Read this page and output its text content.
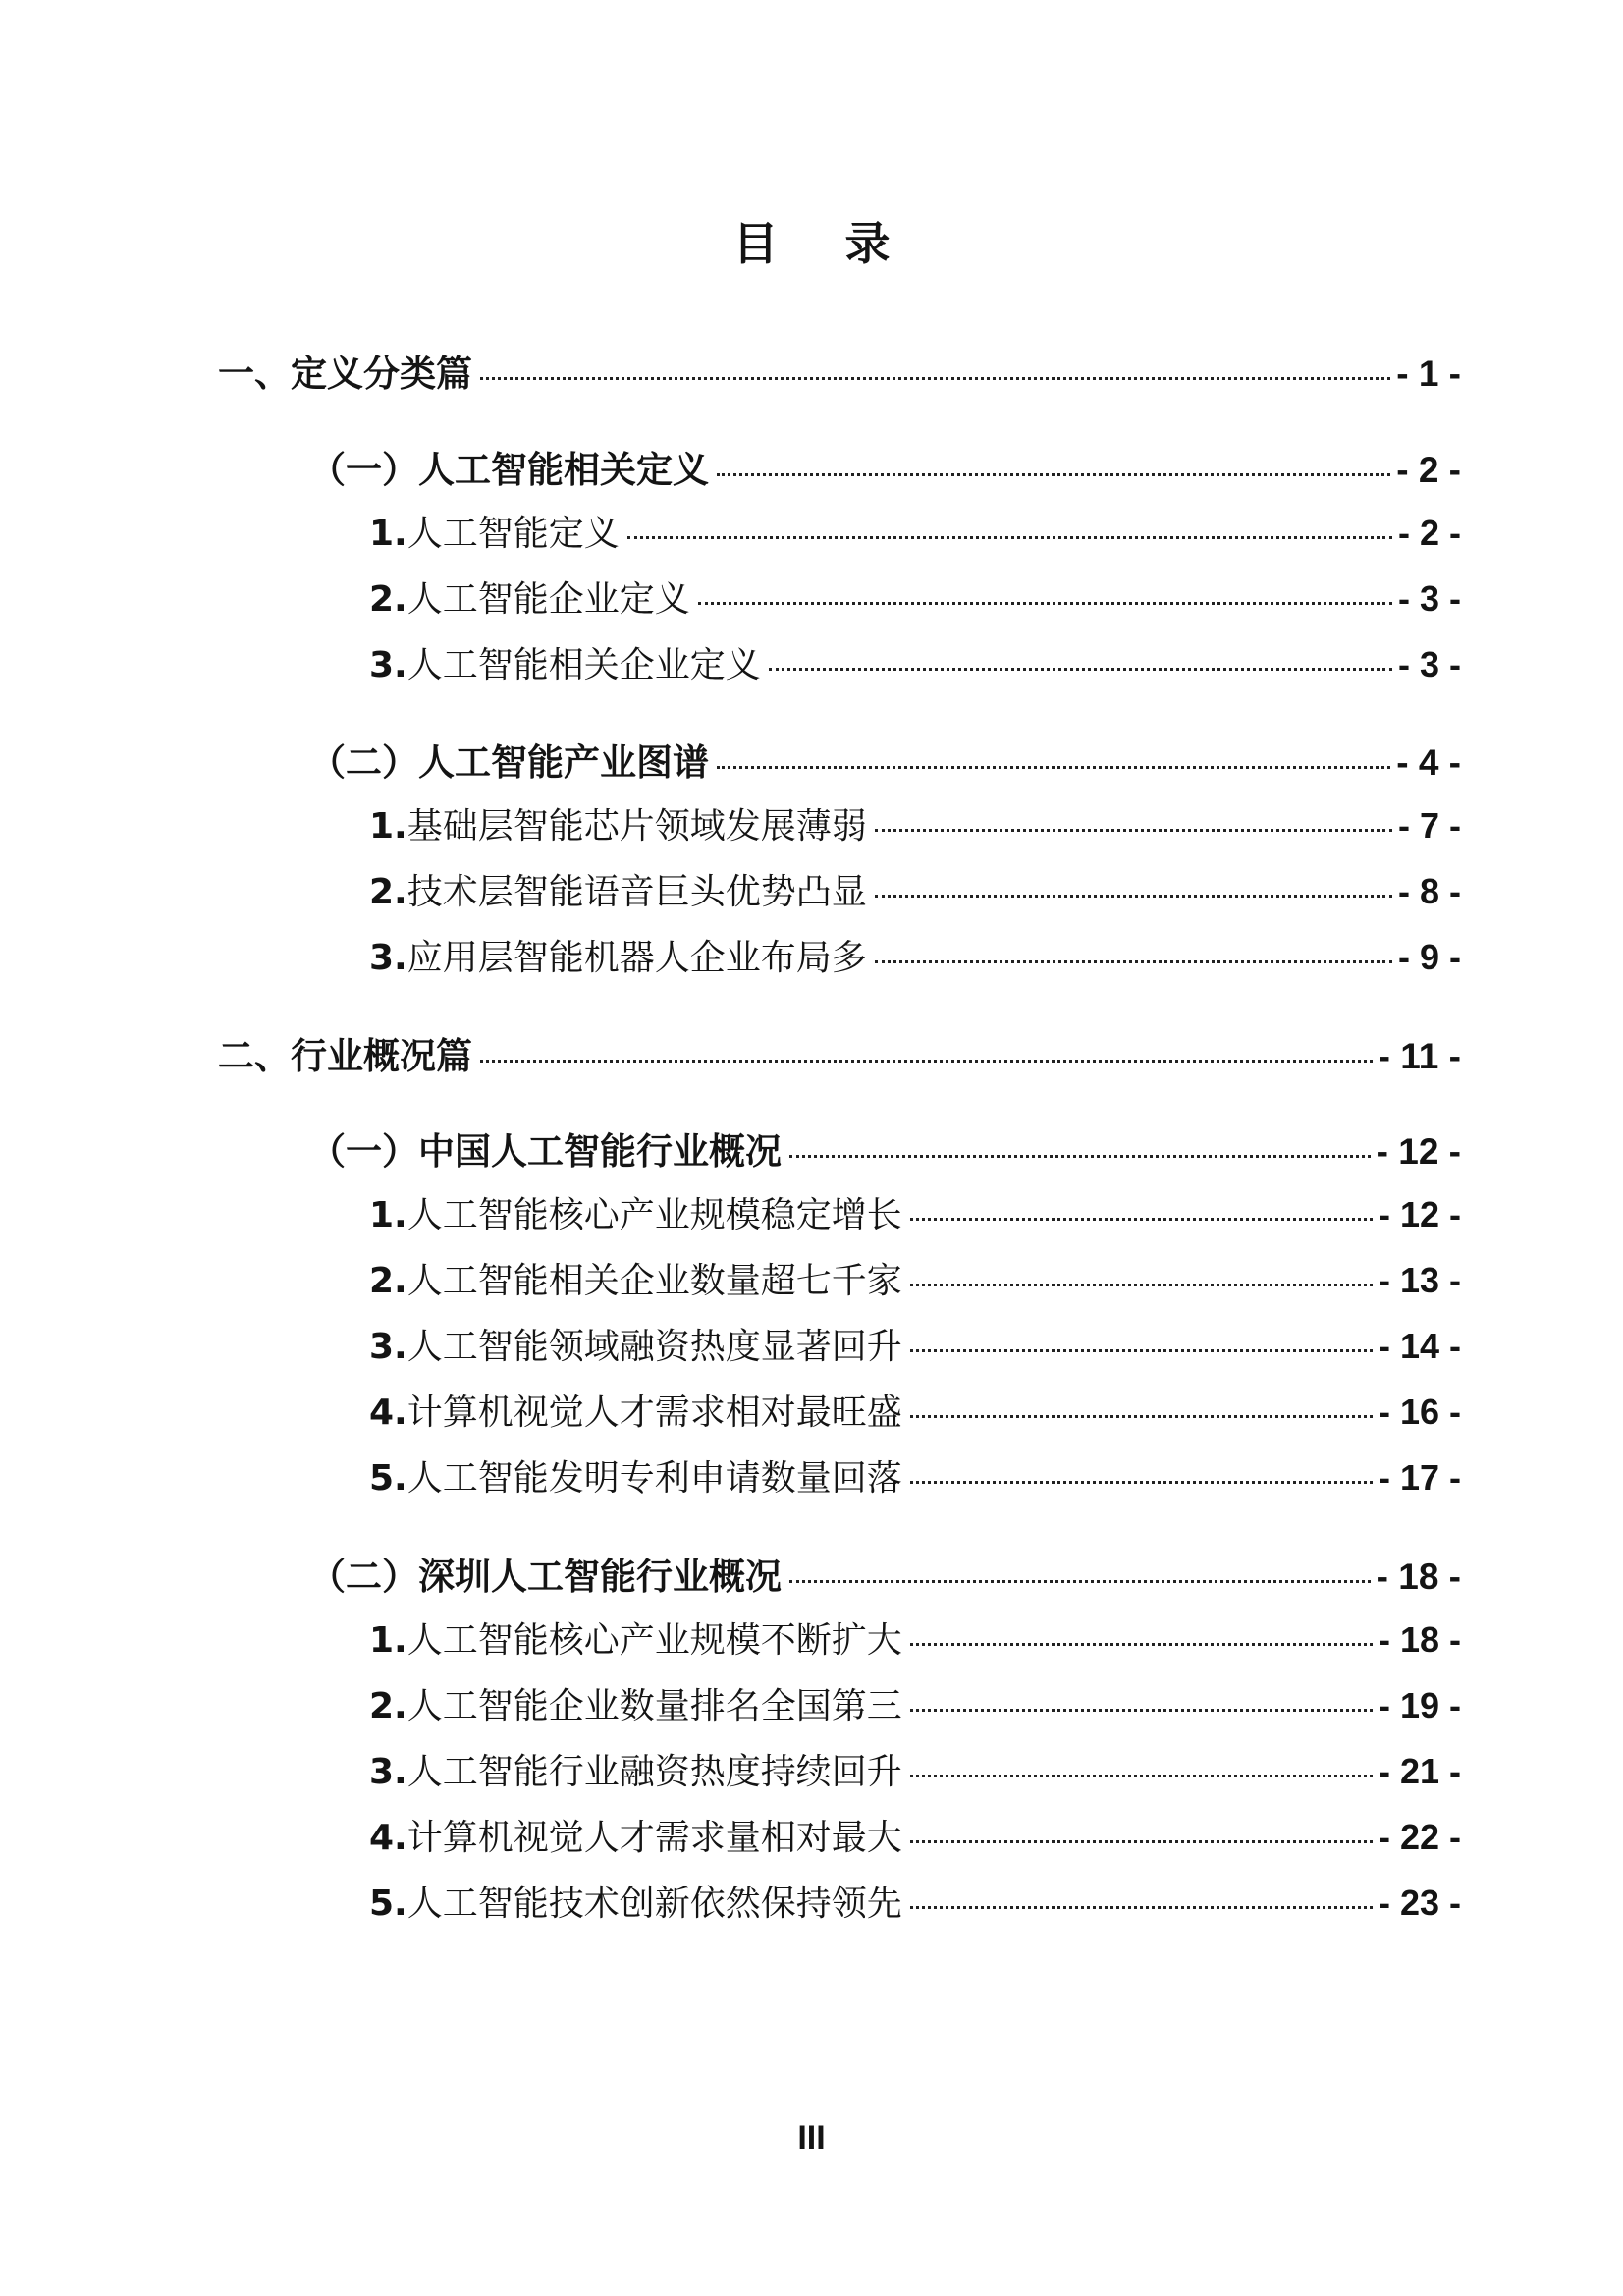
目 录
一、定义分类篇	- 1 -
（一）人工智能相关定义	- 2 -
1. 人工智能定义	- 2 -
2. 人工智能企业定义	- 3 -
3. 人工智能相关企业定义	- 3 -
（二）人工智能产业图谱	- 4 -
1. 基础层智能芯片领域发展薄弱	- 7 -
2. 技术层智能语音巨头优势凸显	- 8 -
3. 应用层智能机器人企业布局多	- 9 -
二、行业概况篇	- 11 -
（一）中国人工智能行业概况	- 12 -
1. 人工智能核心产业规模稳定增长	- 12 -
2. 人工智能相关企业数量超七千家	- 13 -
3. 人工智能领域融资热度显著回升	- 14 -
4. 计算机视觉人才需求相对最旺盛	- 16 -
5. 人工智能发明专利申请数量回落	- 17 -
（二）深圳人工智能行业概况	- 18 -
1. 人工智能核心产业规模不断扩大	- 18 -
2. 人工智能企业数量排名全国第三	- 19 -
3. 人工智能行业融资热度持续回升	- 21 -
4. 计算机视觉人才需求量相对最大	- 22 -
5. 人工智能技术创新依然保持领先	- 23 -
III
